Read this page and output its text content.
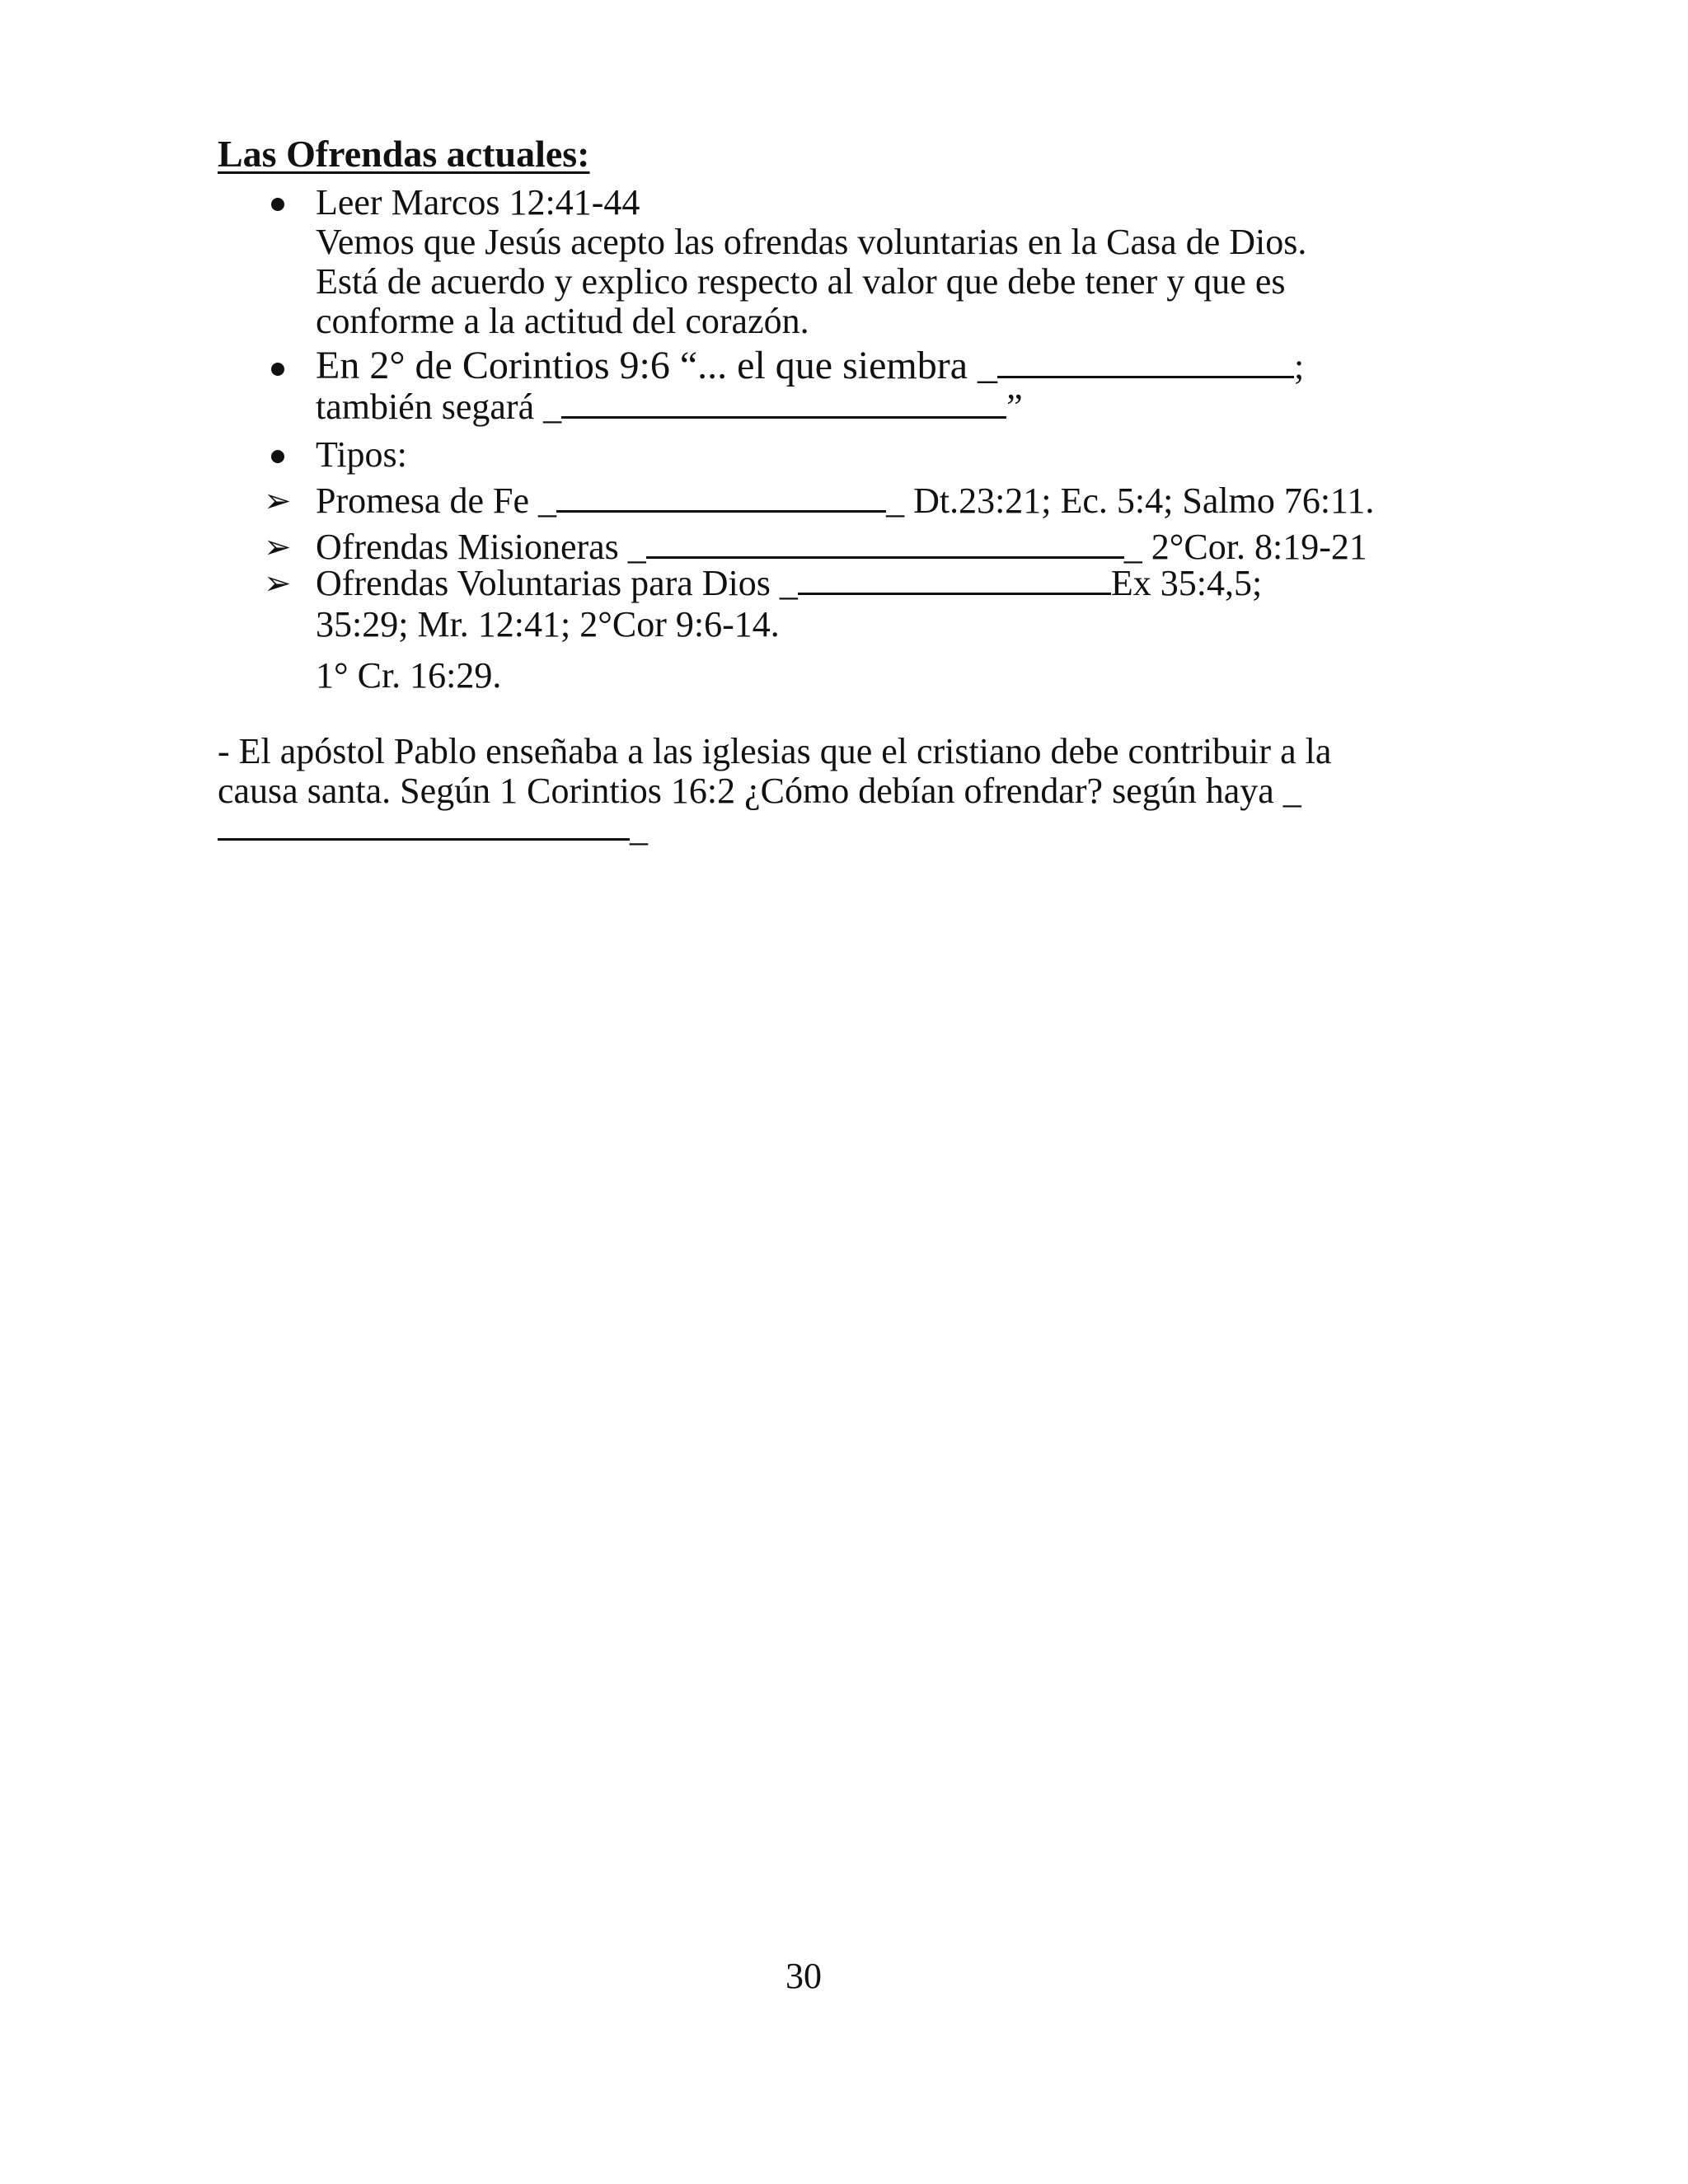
Las Ofrendas actuales:
Leer Marcos 12:41-44
Vemos que Jesús acepto las ofrendas voluntarias en la Casa de Dios.
Está de acuerdo y explico respecto al valor que debe tener y que es
conforme a la actitud del corazón.
En 2° de Corintios 9:6 “... el que siembra _	;
también segará _	”
Tipos:
➢ Promesa de Fe _	_ Dt.23:21; Ec. 5:4; Salmo 76:11.
➢ Ofrendas Misioneras _	_ 2°Cor. 8:19-21
➢ Ofrendas Voluntarias para Dios _	Ex 35:4,5;
35:29; Mr. 12:41; 2°Cor 9:6-14.
1° Cr. 16:29.
- El apóstol Pablo enseñaba a las iglesias que el cristiano debe contribuir a la
causa santa. Según 1 Corintios 16:2 ¿Cómo debían ofrendar? según haya _
_
30
